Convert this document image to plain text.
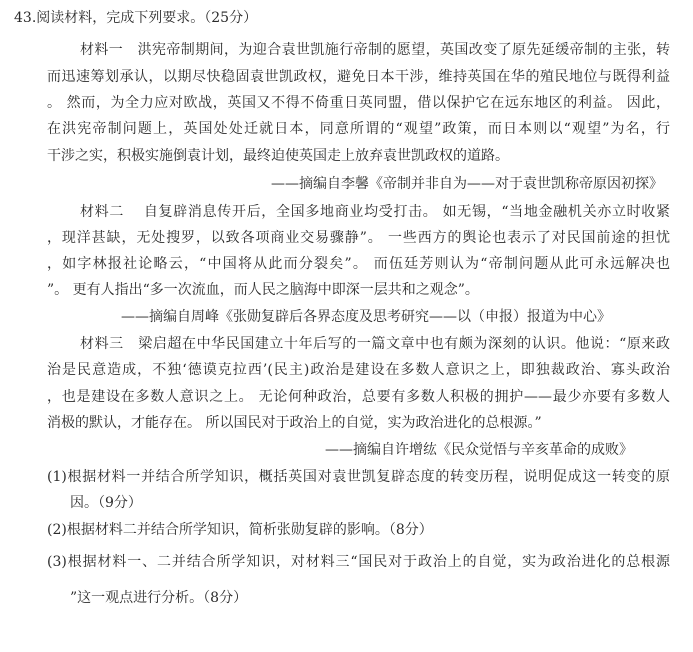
43.阅读材料，完成下列要求。（25分）
材料一　洪宪帝制期间，为迎合袁世凯施行帝制的愿望，英国改变了原先延缓帝制的主张，转
而迅速筹划承认，以期尽快稳固袁世凯政权，避免日本干涉，维持英国在华的殖民地位与既得利益
。 然而，为全力应对欧战，英国又不得不倚重日英同盟，借以保护它在远东地区的利益。 因此，
在洪宪帝制问题上，英国处处迁就日本，同意所谓的“观望”政策，而日本则以“观望”为名，行
干涉之实，积极实施倒袁计划，最终迫使英国走上放弃袁世凯政权的道路。
——摘编自李馨《帝制并非自为——对于袁世凯称帝原因初探》
材料二　 自复辟消息传开后，全国多地商业均受打击。 如无锡，“当地金融机关亦立时收紧
，现洋甚缺，无处搜罗，以致各项商业交易骤静”。 一些西方的舆论也表示了对民国前途的担忧
，如字林报社论略云，“中国将从此而分裂矣”。 而伍廷芳则认为“帝制问题从此可永远解决也
”。 更有人指出“多一次流血，而人民之脑海中即深一层共和之观念”。
——摘编自周峰《张勋复辟后各界态度及思考研究——以（申报）报道为中心》
材料三　梁启超在中华民国建立十年后写的一篇文章中也有颇为深刻的认识。他说：“原来政
治是民意造成，不独‘德谟克拉西’(民主)政治是建设在多数人意识之上，即独裁政治、寡头政治
，也是建设在多数人意识之上。 无论何种政治，总要有多数人积极的拥护——最少亦要有多数人
消极的默认，才能存在。 所以国民对于政治上的自觉，实为政治进化的总根源。”
——摘编自许增纮《民众觉悟与辛亥革命的成败》
(1)根据材料一并结合所学知识，概括英国对袁世凯复辟态度的转变历程，说明促成这一转变的原
因。（9分）
(2)根据材料二并结合所学知识，简析张勋复辟的影响。（8分）
(3)根据材料一、二并结合所学知识，对材料三“国民对于政治上的自觉，实为政治进化的总根源
”这一观点进行分析。（8分）
